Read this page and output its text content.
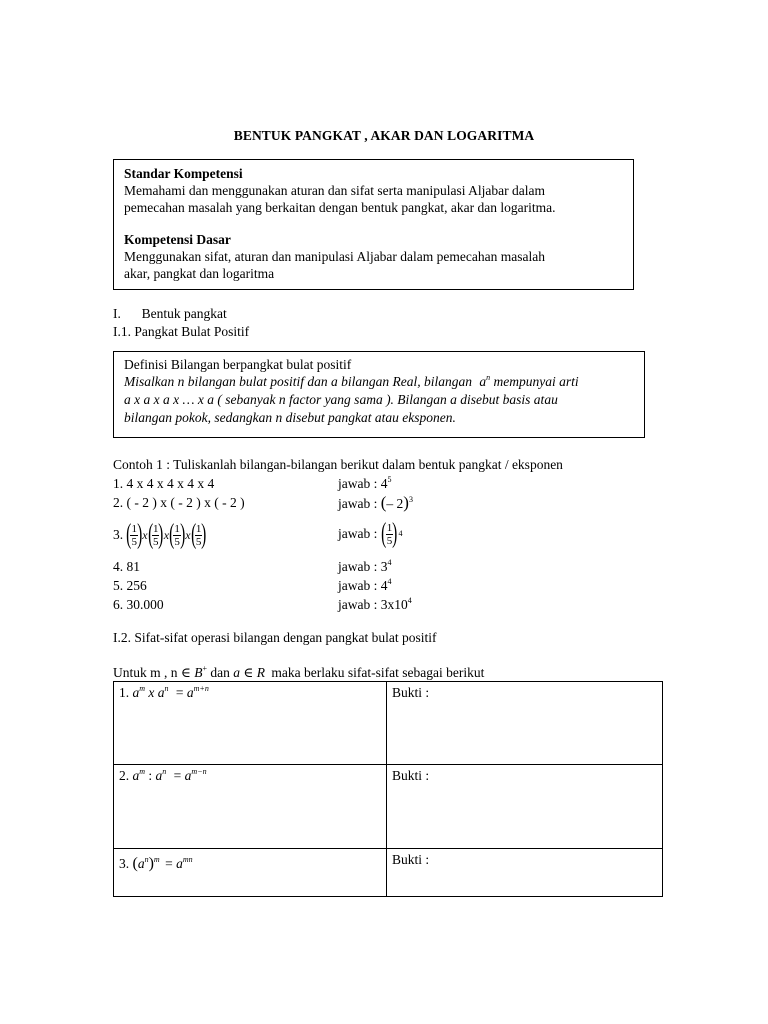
BENTUK PANGKAT , AKAR DAN LOGARITMA
Standar Kompetensi
Memahami dan menggunakan aturan dan sifat serta manipulasi Aljabar dalam
pemecahan masalah yang berkaitan dengan bentuk pangkat, akar dan logaritma.
Kompetensi Dasar
Menggunakan sifat, aturan dan manipulasi Aljabar dalam pemecahan masalah
akar, pangkat dan logaritma
I. Bentuk pangkat
I.1. Pangkat Bulat Positif
Definisi Bilangan berpangkat bulat positif
Misalkan n bilangan bulat positif dan a bilangan Real, bilangan $a^n$ mempunyai arti
a x a x a x … x a ( sebanyak n factor yang sama ). Bilangan a disebut basis atau
bilangan pokok, sedangkan n disebut pangkat atau eksponen.
Contoh 1 : Tuliskanlah bilangan-bilangan berikut dalam bentuk pangkat / eksponen
1. 4 x 4 x 4 x 4 x 4	jawab : $4^5$
2. ( - 2 ) x ( - 2 ) x ( - 2 )	jawab : (– 2)$^3$
3. ( $\frac{1}{5}$ ) x ( $\frac{1}{5}$ ) x ( $\frac{1}{5}$ ) x ( $\frac{1}{5}$ )	jawab : ( $\frac{1}{5}$ ) 4
4. 81	jawab : $3^4$
5. 256	jawab : $4^4$
6. 30.000	jawab : $3x10^4$
I.2. Sifat-sifat operasi bilangan dengan pangkat bulat positif
Untuk m , n ∈ B+ dan a ∈ R maka berlaku sifat-sifat sebagai berikut
1. $a^m$ x $a^n = a^{m+n}$	Bukti :
2. $a^m$ : $a^n = a^{m-n}$	Bukti :
3. $(a^n)^m = a^{mn}$	Bukti :
